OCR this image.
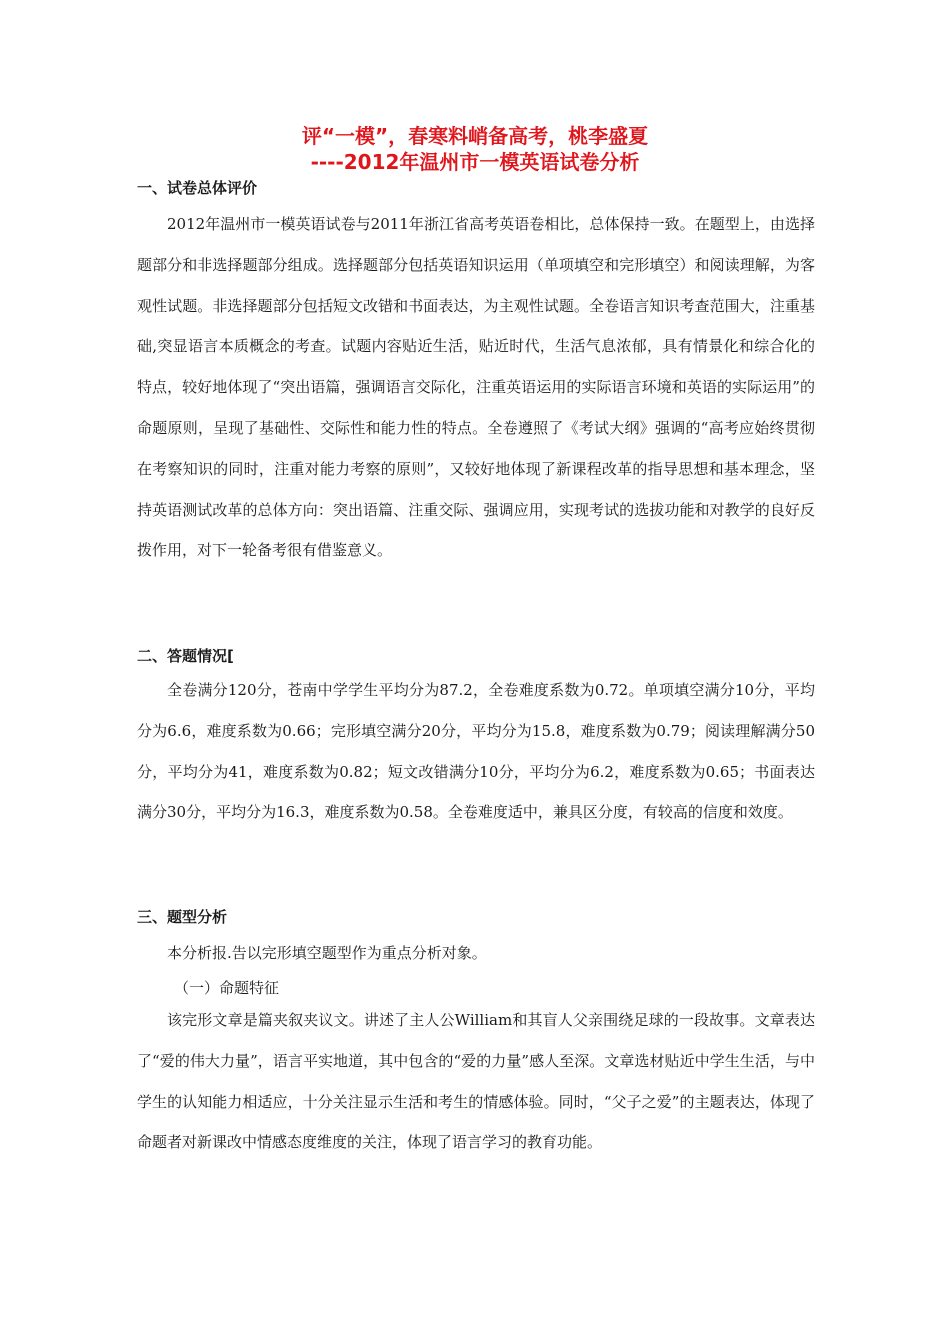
评“一模”，春寒料峭备高考，桃李盛夏
----2012年温州市一模英语试卷分析
一、试卷总体评价

2012年温州市一模英语试卷与2011年浙江省高考英语卷相比，总体保持一致。在题型上，由选择题部分和非选择题部分组成。选择题部分包括英语知识运用（单项填空和完形填空）和阅读理解，为客观性试题。非选择题部分包括短文改错和书面表达，为主观性试题。全卷语言知识考查范围大，注重基础,突显语言本质概念的考查。试题内容贴近生活，贴近时代，生活气息浓郁，具有情景化和综合化的特点，较好地体现了“突出语篇，强调语言交际化，注重英语运用的实际语言环境和英语的实际运用”的命题原则，呈现了基础性、交际性和能力性的特点。全卷遵照了《考试大纲》强调的“高考应始终贯彻在考察知识的同时，注重对能力考察的原则”，又较好地体现了新课程改革的指导思想和基本理念，坚持英语测试改革的总体方向：突出语篇、注重交际、强调应用，实现考试的选拔功能和对教学的良好反拨作用，对下一轮备考很有借鉴意义。

二、答题情况[

全卷满分120分，苍南中学学生平均分为87.2，全卷难度系数为0.72。单项填空满分10分，平均分为6.6，难度系数为0.66；完形填空满分20分，平均分为15.8，难度系数为0.79；阅读理解满分50分，平均分为41，难度系数为0.82；短文改错满分10分，平均分为6.2，难度系数为0.65；书面表达满分30分，平均分为16.3，难度系数为0.58。全卷难度适中，兼具区分度，有较高的信度和效度。

三、题型分析
本分析报.告以完形填空题型作为重点分析对象。
（一）命题特征

该完形文章是篇夹叙夹议文。讲述了主人公William和其盲人父亲围绕足球的一段故事。文章表达了“爱的伟大力量”，语言平实地道，其中包含的“爱的力量”感人至深。文章选材贴近中学生生活，与中学生的认知能力相适应，十分关注显示生活和考生的情感体验。同时，“父子之爱”的主题表达，体现了命题者对新课改中情感态度维度的关注，体现了语言学习的教育功能。
